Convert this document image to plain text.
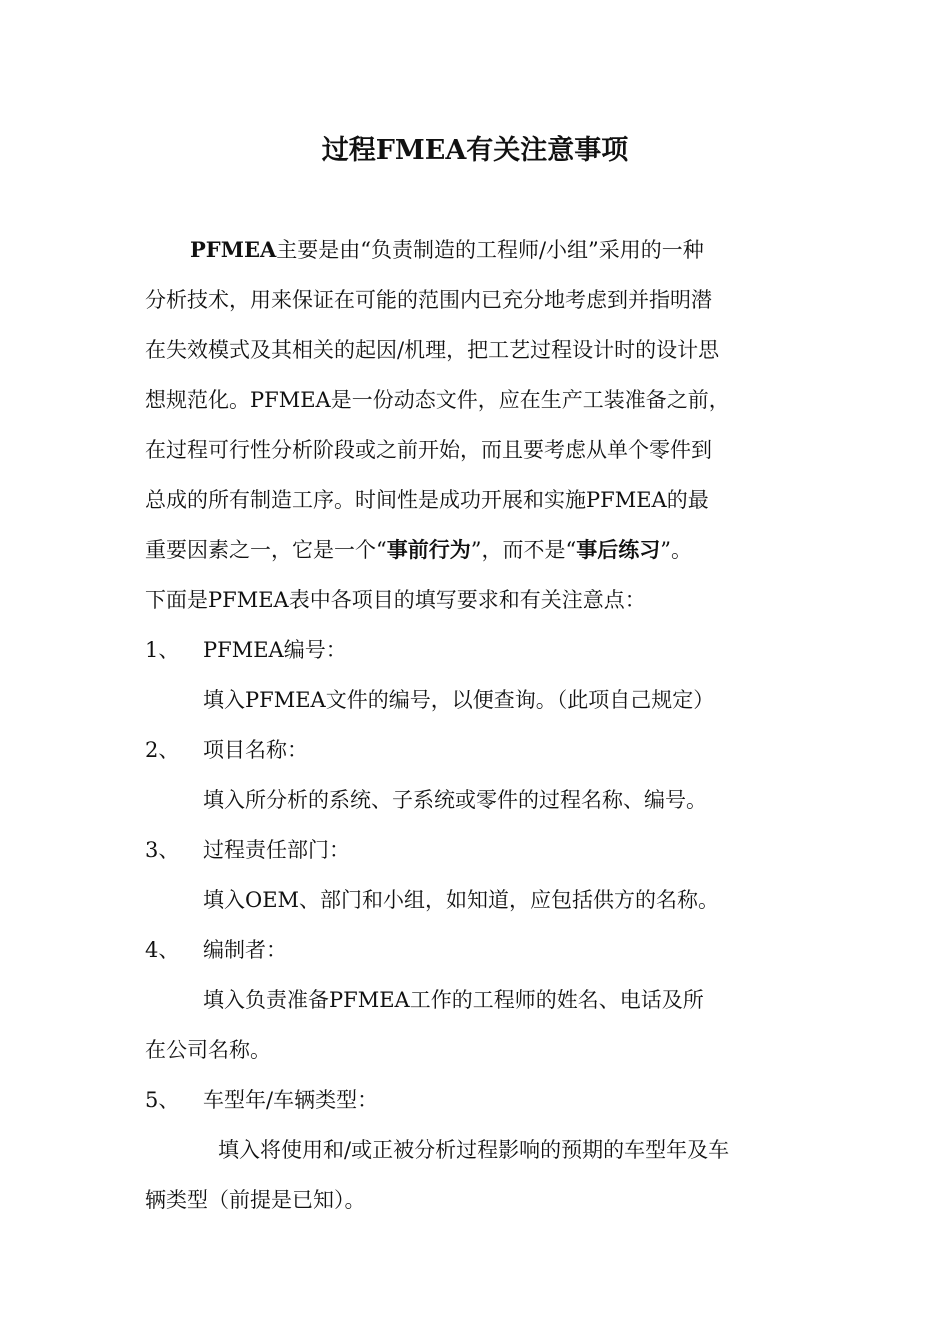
过程FMEA有关注意事项
PFMEA主要是由“负责制造的工程师/小组”采用的一种
分析技术，用来保证在可能的范围内已充分地考虑到并指明潜
在失效模式及其相关的起因/机理，把工艺过程设计时的设计思
想规范化。PFMEA是一份动态文件，应在生产工装准备之前，
在过程可行性分析阶段或之前开始，而且要考虑从单个零件到
总成的所有制造工序。时间性是成功开展和实施PFMEA的最
重要因素之一，它是一个“事前行为”，而不是“事后练习”。
下面是PFMEA表中各项目的填写要求和有关注意点：
1、 PFMEA编号：
填入PFMEA文件的编号，以便查询。（此项自己规定）
2、 项目名称：
填入所分析的系统、子系统或零件的过程名称、编号。
3、 过程责任部门：
填入OEM、部门和小组，如知道，应包括供方的名称。
4、 编制者：
填入负责准备PFMEA工作的工程师的姓名、电话及所
在公司名称。
5、 车型年/车辆类型：
填入将使用和/或正被分析过程影响的预期的车型年及车
辆类型（前提是已知）。
